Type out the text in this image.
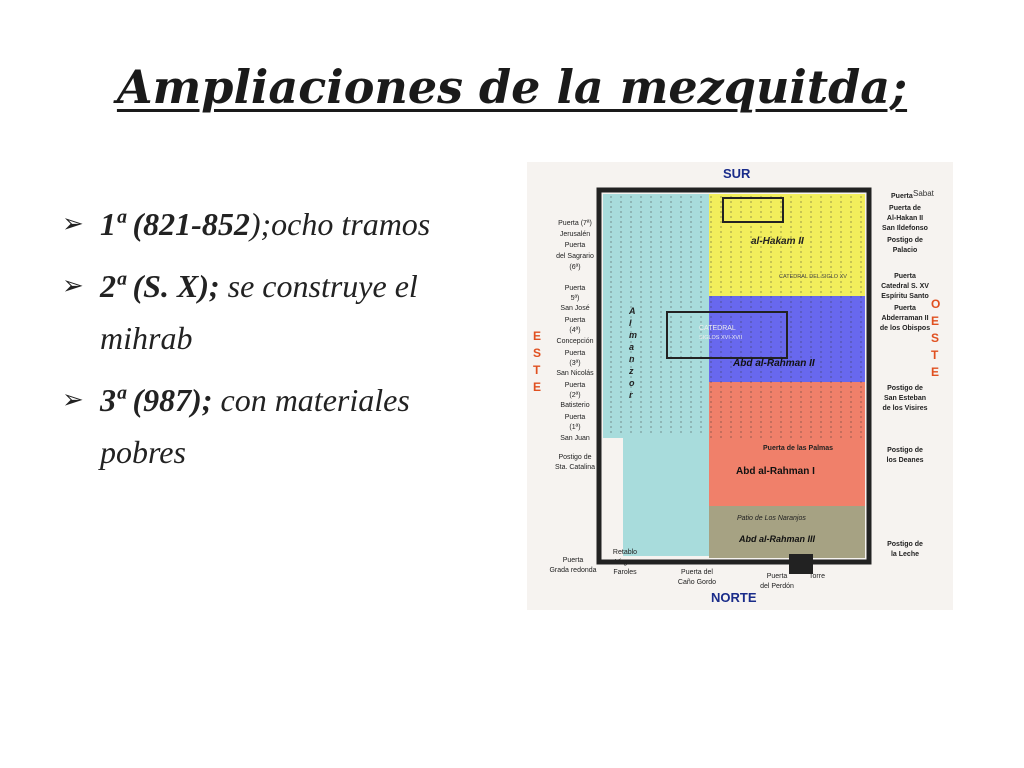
Ampliaciones de la mezquitda;
➢ 1ª (821-852);ocho tramos
➢ 2ª (S. X); se construye el mihrab
➢ 3ª (987); con materiales pobres
SUR
NORTE
Sabat
Puerta
E
S
T
E
O
E
S
T
E
A
l
m
a
n
z
o
r
al-Hakam II
CATEDRAL DEL SIGLO XV
CATEDRAL
SIGLOS XVI-XVII
Abd al-Rahman II
Abd al-Rahman I
Abd al-Rahman III
Patio de Los Naranjos
Puerta de las Palmas
Puerta (7ª)
Jerusalén
Puerta
del Sagrario
(6ª)
Puerta
5ª)
San José
Puerta
(4ª)
Concepción
Puerta
(3ª)
San Nicolás
Puerta
(2ª)
Batisterio
Puerta
(1ª)
San Juan
Postigo de
Sta. Catalina
Puerta de
Al-Hakan II
San Ildefonso
Postigo de
Palacio
Puerta
Catedral S. XV
Espíritu Santo
Puerta
Abderraman II
de los Obispos
Postigo de
San Esteban
de los Visires
Postigo de
los Deanes
Postigo de
la Leche
Puerta
Grada redonda
Retablo
Virgen
Faroles	Puerta del
Caño Gordo
Puerta
del Perdón
Torre
